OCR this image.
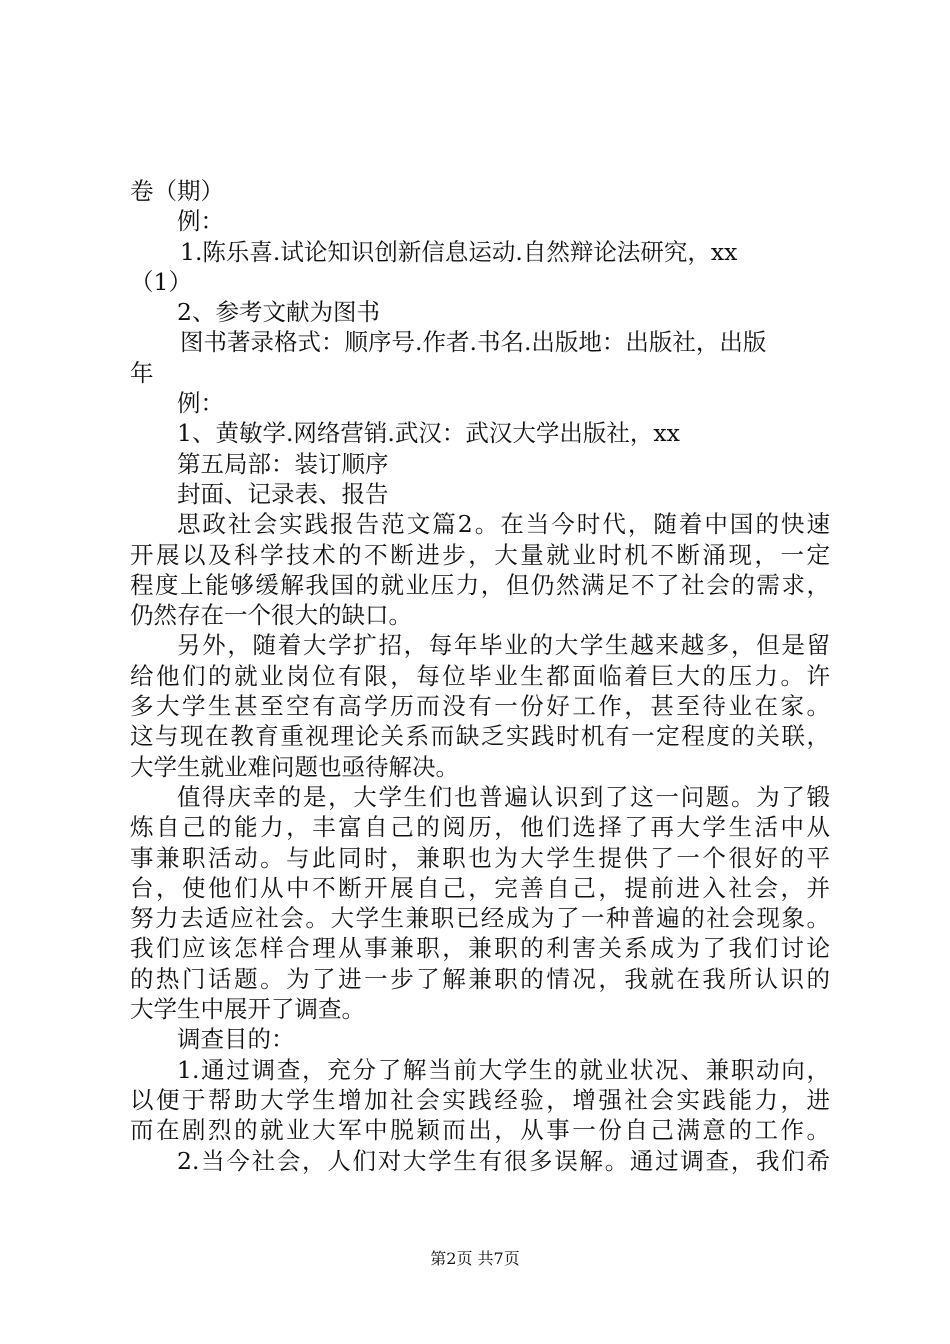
卷（期）
例：
1.陈乐喜.试论知识创新信息运动.自然辩论法研究，xx
（1）
2、参考文献为图书
图书著录格式：顺序号.作者.书名.出版地：出版社，出版
年
例：
1、黄敏学.网络营销.武汉：武汉大学出版社，xx
第五局部：装订顺序
封面、记录表、报告
思政社会实践报告范文篇2。在当今时代，随着中国的快速
开展以及科学技术的不断进步，大量就业时机不断涌现，一定
程度上能够缓解我国的就业压力，但仍然满足不了社会的需求，
仍然存在一个很大的缺口。
另外，随着大学扩招，每年毕业的大学生越来越多，但是留
给他们的就业岗位有限，每位毕业生都面临着巨大的压力。许
多大学生甚至空有高学历而没有一份好工作，甚至待业在家。
这与现在教育重视理论关系而缺乏实践时机有一定程度的关联，
大学生就业难问题也亟待解决。
值得庆幸的是，大学生们也普遍认识到了这一问题。为了锻
炼自己的能力，丰富自己的阅历，他们选择了再大学生活中从
事兼职活动。与此同时，兼职也为大学生提供了一个很好的平
台，使他们从中不断开展自己，完善自己，提前进入社会，并
努力去适应社会。大学生兼职已经成为了一种普遍的社会现象。
我们应该怎样合理从事兼职，兼职的利害关系成为了我们讨论
的热门话题。为了进一步了解兼职的情况，我就在我所认识的
大学生中展开了调查。
调查目的：
1.通过调查，充分了解当前大学生的就业状况、兼职动向，
以便于帮助大学生增加社会实践经验，增强社会实践能力，进
而在剧烈的就业大军中脱颖而出，从事一份自己满意的工作。
2.当今社会，人们对大学生有很多误解。通过调查，我们希
第2页 共7页
